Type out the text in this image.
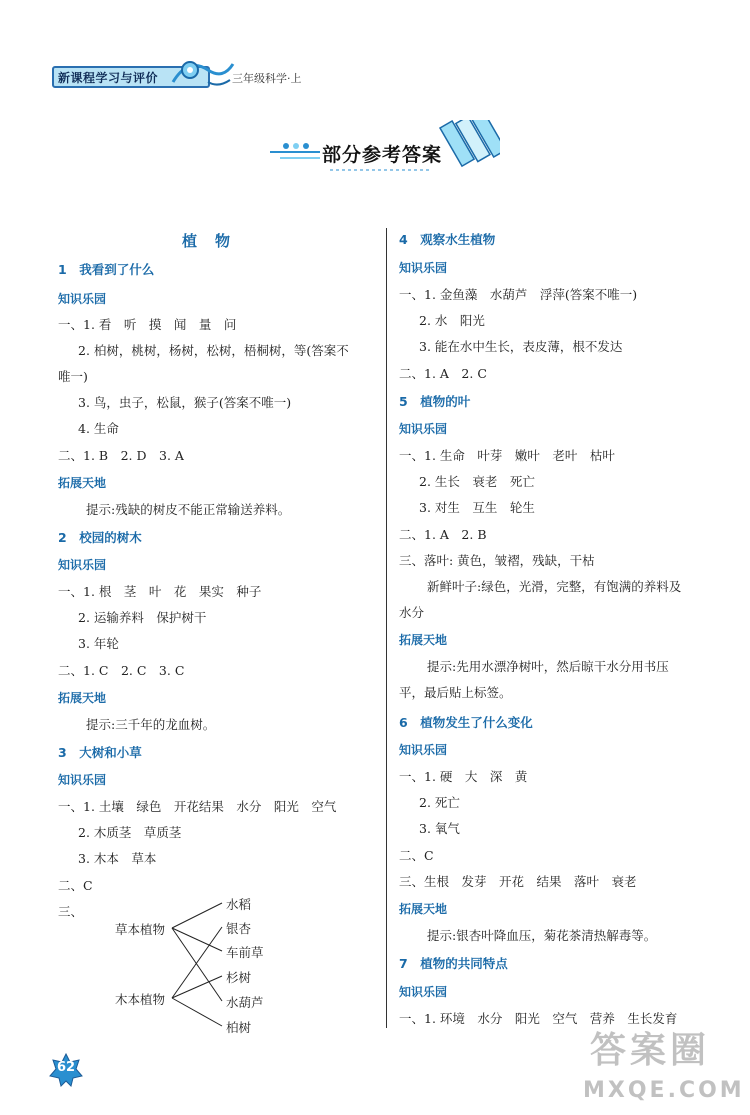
新课程学习与评价	三年级科学·上
部分参考答案
植物
1　我看到了什么
知识乐园
一、1. 看　听　摸　闻　量　问
2. 柏树，桃树，杨树，松树，梧桐树，等(答案不
唯一)
3. 鸟，虫子，松鼠，猴子(答案不唯一)
4. 生命
二、1. B　2. D　3. A
拓展天地
提示:残缺的树皮不能正常输送养料。
2　校园的树木
知识乐园
一、1. 根　茎　叶　花　果实　种子
2. 运输养料　保护树干
3. 年轮
二、1. C　2. C　3. C
拓展天地
提示:三千年的龙血树。
3　大树和小草
知识乐园
一、1. 土壤　绿色　开花结果　水分　阳光　空气
2. 木质茎　草质茎
3. 木本　草本
二、C
三、
草本植物
木本植物
水稻
银杏
车前草
杉树
水葫芦
柏树
4　观察水生植物
知识乐园
一、1. 金鱼藻　水葫芦　浮萍(答案不唯一)
2. 水　阳光
3. 能在水中生长，表皮薄，根不发达
二、1. A　2. C
5　植物的叶
知识乐园
一、1. 生命　叶芽　嫩叶　老叶　枯叶
2. 生长　衰老　死亡
3. 对生　互生　轮生
二、1. A　2. B
三、落叶: 黄色，皱褶，残缺，干枯
新鲜叶子:绿色，光滑，完整，有饱满的养料及
水分
拓展天地
提示:先用水漂净树叶，然后晾干水分用书压
平，最后贴上标签。
6　植物发生了什么变化
知识乐园
一、1. 硬　大　深　黄
2. 死亡
3. 氧气
二、C
三、生根　发芽　开花　结果　落叶　衰老
拓展天地
提示:银杏叶降血压，菊花茶清热解毒等。
7　植物的共同特点
知识乐园
一、1. 环境　水分　阳光　空气　营养　生长发育
62	答案圈
MXQE.COM
